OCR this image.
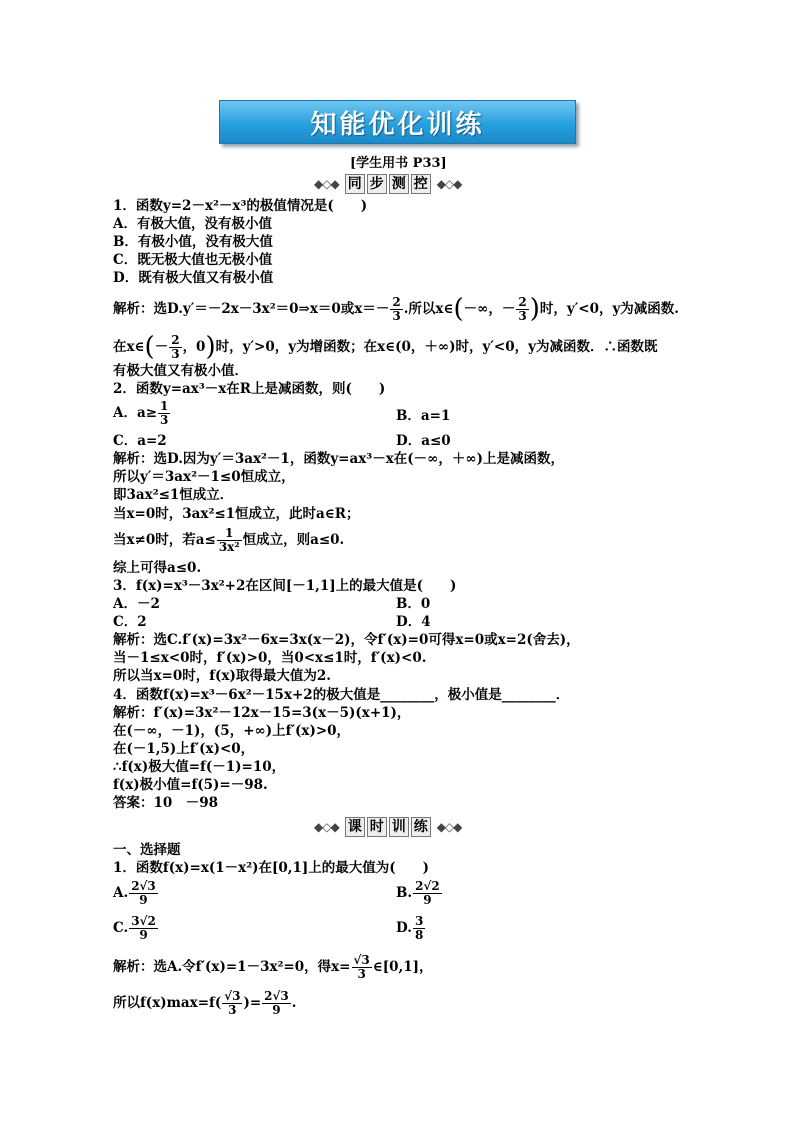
知能优化训练
[学生用书 P33]
◆◇◆ 同 步 测 控 ◆◇◆
1．函数y=2－x²－x³的极值情况是(　　)
A．有极大值，没有极小值
B．有极小值，没有极大值
C．既无极大值也无极小值
D．既有极大值又有极小值
解析：选D.y′＝－2x－3x²＝0⇒x＝0或$x=- \frac{2}{3}$ .所以x∈(－∞，－ $\frac{2}{3}$ )时，y′<0，y为减函数.
在x∈(－ $\frac{2}{3}$ ，0)时，y′>0，y为增函数；在x∈(0，＋∞)时，y′<0，y为减函数．∴函数既
有极大值又有极小值．
2．函数y=ax³－x在R上是减函数，则(　　)
A．$a\ge \frac{1}{3}$	B．a=1
C．a=2	D．a≤0
解析：选D.因为y′＝3ax²－1，函数y=ax³－x在(－∞，＋∞)上是减函数，
所以y′＝3ax²－1≤0恒成立，
即3ax²≤1恒成立．
当x=0时，3ax²≤1恒成立，此时a∈R；
当x≠0时，若$a\le \frac{1}{\text{3x²}}$ 恒成立，则a≤0.
综上可得a≤0.
3．f(x)=x³－3x²+2在区间[－1,1]上的最大值是(　　)
A．－2	B．0
C．2	D．4
解析：选C.f′(x)=3x²－6x=3x(x－2)，令f′(x)=0可得x=0或x=2(舍去)，
当－1≤x<0时，f′(x)>0，当0<x≤1时，f′(x)<0.
所以当x=0时，f(x)取得最大值为2.
4．函数f(x)=x³－6x²－15x+2的极大值是________，极小值是________．
解析：f′(x)=3x²－12x－15=3(x－5)(x+1)，
在(－∞，－1)，(5，+∞)上f′(x)>0，
在(－1,5)上f′(x)<0，
∴f(x)极大值=f(－1)=10，
f(x)极小值=f(5)=－98.
答案：10　－98
◆◇◆ 课 时 训 练 ◆◇◆
一、选择题
1．函数f(x)=x(1－x²)在[0,1]上的最大值为(　　)
A. $\frac{2√3}{9}$	B. $\frac{2√2}{9}$
C. $\frac{3√2}{9}$	D. $\frac{3}{8}$
解析：选A.令f′(x)=1－3x²=0，得$x= \frac{√3}{3}$ ∈[0,1]，
所以$f(x)\max=f( \frac{√3}{3}$ )= $\frac{2√3}{9}$ .
